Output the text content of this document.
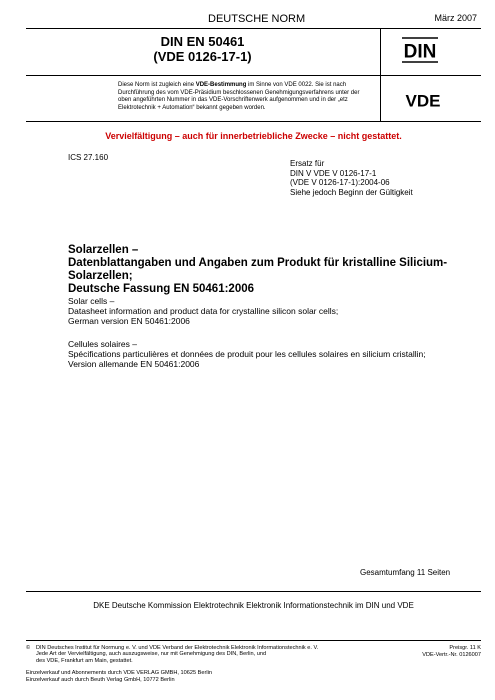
DEUTSCHE NORM	März 2007
DIN EN 50461
(VDE 0126-17-1)	DIN
Diese Norm ist zugleich eine VDE-Bestimmung im Sinne von VDE 0022. Sie ist nach Durchführung des vom VDE-Präsidium beschlossenen Genehmigungsverfahrens unter der oben angeführten Nummer in das VDE-Vorschriftenwerk aufgenommen und in der „etz Elektrotechnik + Automation“ bekannt gegeben worden.	VDE
Vervielfältigung – auch für innerbetriebliche Zwecke – nicht gestattet.
ICS 27.160
Ersatz für
DIN V VDE V 0126-17-1
(VDE V 0126-17-1):2004-06
Siehe jedoch Beginn der Gültigkeit
Solarzellen –
Datenblattangaben und Angaben zum Produkt für kristalline Silicium-
Solarzellen;
Deutsche Fassung EN 50461:2006
Solar cells –
Datasheet information and product data for crystalline silicon solar cells;
German version EN 50461:2006
Cellules solaires –
Spécifications particulières et données de produit pour les cellules solaires en silicium cristallin;
Version allemande EN 50461:2006
Gesamtumfang 11 Seiten
DKE Deutsche Kommission Elektrotechnik Elektronik Informationstechnik im DIN und VDE
© DIN Deutsches Institut für Normung e. V. und VDE Verband der Elektrotechnik Elektronik Informationstechnik e. V.
Jede Art der Vervielfältigung, auch auszugsweise, nur mit Genehmigung des DIN, Berlin, und
des VDE, Frankfurt am Main, gestattet.
Preisgr. 11 K
VDE-Vertr.-Nr. 0126007
Einzelverkauf und Abonnements durch VDE VERLAG GMBH, 10625 Berlin
Einzelverkauf auch durch Beuth Verlag GmbH, 10772 Berlin
